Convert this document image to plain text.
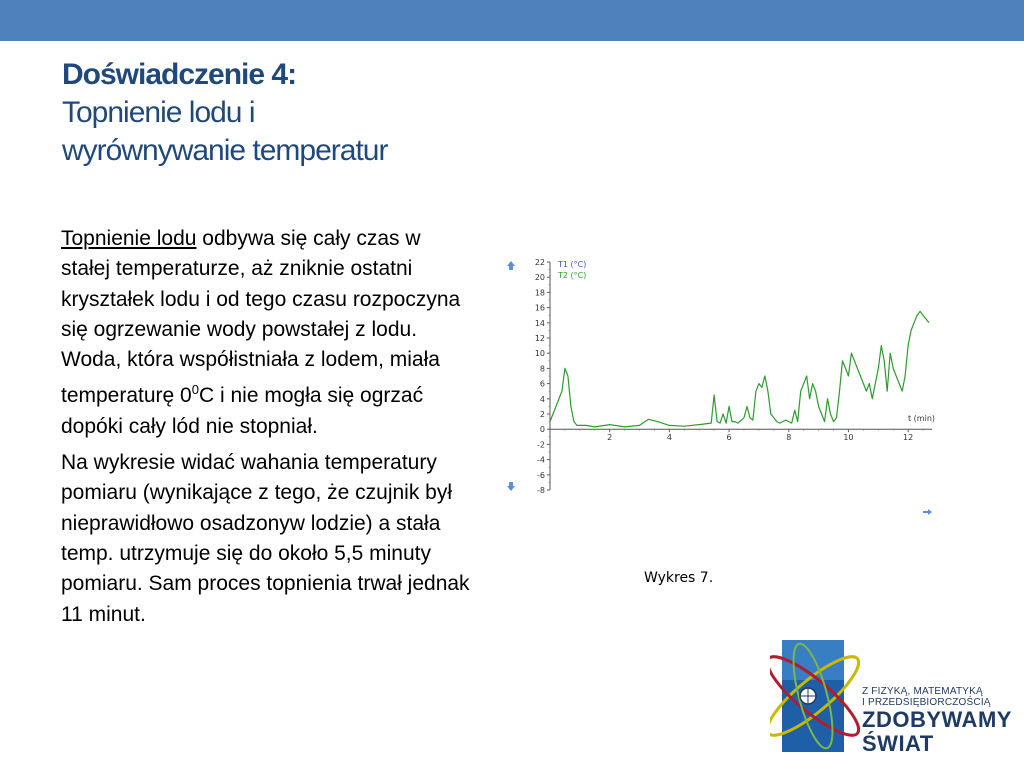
Doświadczenie 4:
Topnienie lodu i
wyrównywanie temperatur

Topnienie lodu odbywa się cały czas w stałej temperaturze, aż zniknie ostatni kryształek lodu i od tego czasu rozpoczyna się ogrzewanie wody powstałej z lodu. Woda, która współistniała z lodem, miała temperaturę $0^0C$ i nie mogła się ogrzać dopóki cały lód nie stopniał.

Na wykresie widać wahania temperatury pomiaru (wynikające z tego, że czujnik był nieprawidłowo osadzonyw lodzie) a stała temp. utrzymuje się do około 5,5 minuty pomiaru. Sam proces topnienia trwał jednak 11 minut.

22
20
18
16
14
12
10
8
6
4
2
0
-2
-4
-6
-8
2	4	6	8	10	12
t (min)
T1 (°C)
T2 (°C)
Wykres 7.
Z FIZYKĄ, MATEMATYKĄ
I PRZEDSIĘBIORCZOŚCIĄ
ZDOBYWAMY
ŚWIAT
